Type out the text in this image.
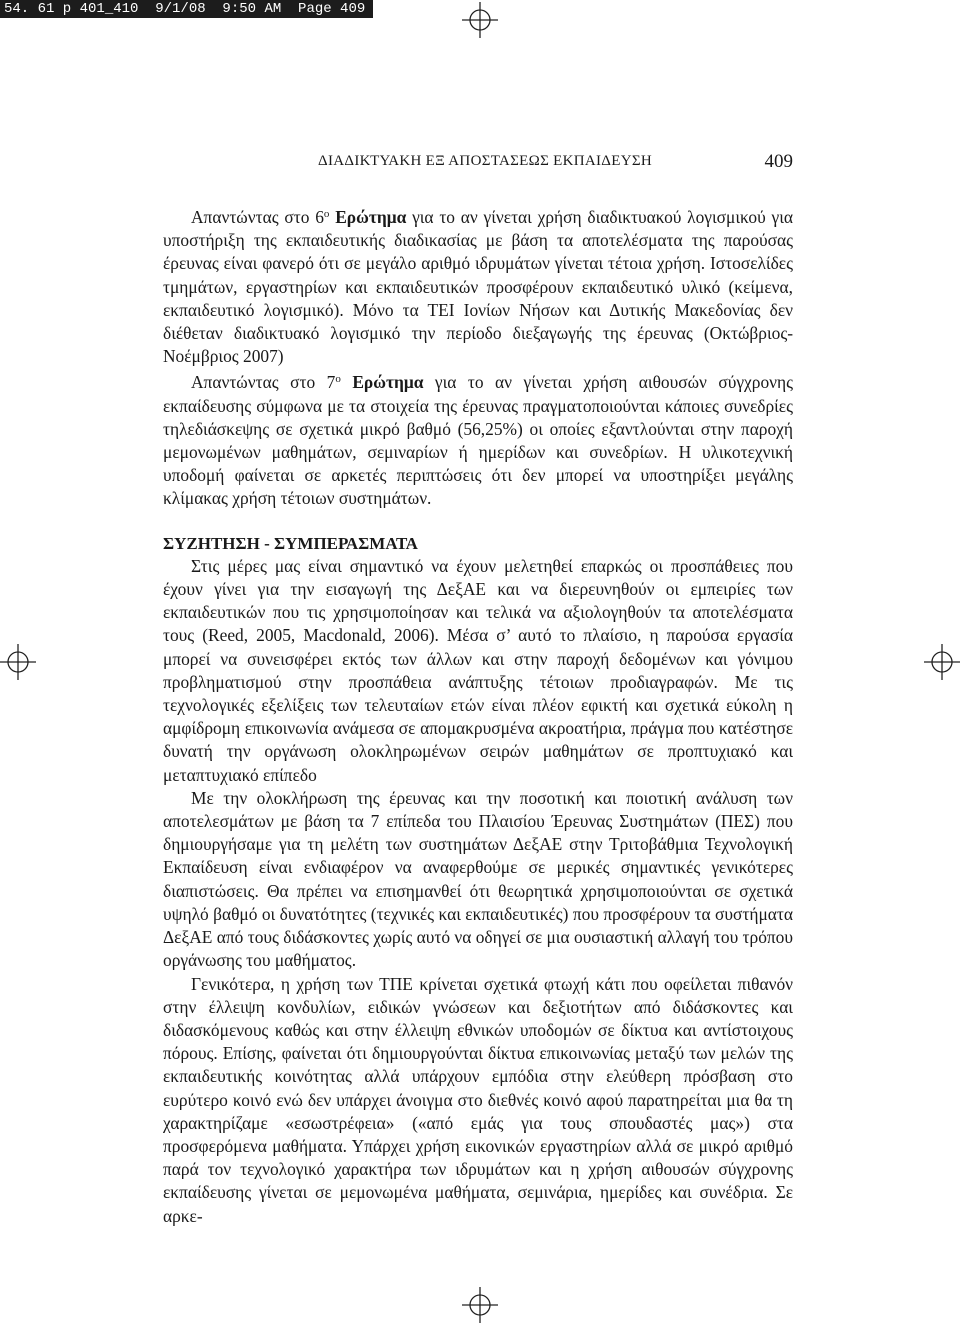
54. 61 p 401_410  9/1/08  9:50 AM  Page 409
ΔΙΑΔΙΚΤΥΑΚΗ ΕΞ ΑΠΟΣΤΑΣΕΩΣ ΕΚΠΑΙΔΕΥΣΗ	409

Απαντώντας στο $6^o$ Ερώτημα για το αν γίνεται χρήση διαδικτυακού λογισμικού για υποστήριξη της εκπαιδευτικής διαδικασίας με βάση τα αποτελέσματα της παρούσας έρευνας είναι φανερό ότι σε μεγάλο αριθμό ιδρυμάτων γίνεται τέτοια χρήση. Ιστοσελίδες τμημάτων, εργαστηρίων και εκπαιδευτικών προσφέρουν εκπαιδευτικό υλικό (κείμενα, εκπαιδευτικό λογισμικό). Μόνο τα ΤΕΙ Ιονίων Νήσων και Δυτικής Μακεδονίας δεν διέθεταν διαδικτυακό λογισμικό την περίοδο διεξαγωγής της έρευνας (Οκτώβριος-Νοέμβριος 2007)

Απαντώντας στο $7^o$ Ερώτημα για το αν γίνεται χρήση αιθουσών σύγχρονης εκπαίδευσης σύμφωνα με τα στοιχεία της έρευνας πραγματοποιούνται κάποιες συνεδρίες τηλεδιάσκεψης σε σχετικά μικρό βαθμό (56,25%) οι οποίες εξαντλούνται στην παροχή μεμονωμένων μαθημάτων, σεμιναρίων ή ημερίδων και συνεδρίων. Η υλικοτεχνική υποδομή φαίνεται σε αρκετές περιπτώσεις ότι δεν μπορεί να υποστηρίξει μεγάλης κλίμακας χρήση τέτοιων συστημάτων.

ΣΥΖΗΤΗΣΗ - ΣΥΜΠΕΡΑΣΜΑΤΑ

Στις μέρες μας είναι σημαντικό να έχουν μελετηθεί επαρκώς οι προσπάθειες που έχουν γίνει για την εισαγωγή της ΔεξΑΕ και να διερευνηθούν οι εμπειρίες των εκπαιδευτικών που τις χρησιμοποίησαν και τελικά να αξιολογηθούν τα αποτελέσματα τους (Reed, 2005, Macdonald, 2006). Μέσα σ’ αυτό το πλαίσιο, η παρούσα εργασία μπορεί να συνεισφέρει εκτός των άλλων και στην παροχή δεδομένων και γόνιμου προβληματισμού στην προσπάθεια ανάπτυξης τέτοιων προδιαγραφών. Με τις τεχνολογικές εξελίξεις των τελευταίων ετών είναι πλέον εφικτή και σχετικά εύκολη η αμφίδρομη επικοινωνία ανάμεσα σε απομακρυσμένα ακροατήρια, πράγμα που κατέστησε δυνατή την οργάνωση ολοκληρωμένων σειρών μαθημάτων σε προπτυχιακό και μεταπτυχιακό επίπεδο

Με την ολοκλήρωση της έρευνας και την ποσοτική και ποιοτική ανάλυση των αποτελεσμάτων με βάση τα 7 επίπεδα του Πλαισίου Έρευνας Συστημάτων (ΠΕΣ) που δημιουργήσαμε για τη μελέτη των συστημάτων ΔεξΑΕ στην Τριτοβάθμια Τεχνολογική Εκπαίδευση είναι ενδιαφέρον να αναφερθούμε σε μερικές σημαντικές γενικότερες διαπιστώσεις. Θα πρέπει να επισημανθεί ότι θεωρητικά χρησιμοποιούνται σε σχετικά υψηλό βαθμό οι δυνατότητες (τεχνικές και εκπαιδευτικές) που προσφέρουν τα συστήματα ΔεξΑΕ από τους διδάσκοντες χωρίς αυτό να οδηγεί σε μια ουσιαστική αλλαγή του τρόπου οργάνωσης του μαθήματος.

Γενικότερα, η χρήση των ΤΠΕ κρίνεται σχετικά φτωχή κάτι που οφείλεται πιθανόν στην έλλειψη κονδυλίων, ειδικών γνώσεων και δεξιοτήτων από διδάσκοντες και διδασκόμενους καθώς και στην έλλειψη εθνικών υποδομών σε δίκτυα και αντίστοιχους πόρους. Επίσης, φαίνεται ότι δημιουργούνται δίκτυα επικοινωνίας μεταξύ των μελών της εκπαιδευτικής κοινότητας αλλά υπάρχουν εμπόδια στην ελεύθερη πρόσβαση στο ευρύτερο κοινό ενώ δεν υπάρχει άνοιγμα στο διεθνές κοινό αφού παρατηρείται μια θα τη χαρακτηρίζαμε «εσωστρέφεια» («από εμάς για τους σπουδαστές μας») στα προσφερόμενα μαθήματα. Υπάρχει χρήση εικονικών εργαστηρίων αλλά σε μικρό αριθμό παρά τον τεχνολογικό χαρακτήρα των ιδρυμάτων και η χρήση αιθουσών σύγχρονης εκπαίδευσης γίνεται σε μεμονωμένα μαθήματα, σεμινάρια, ημερίδες και συνέδρια. Σε αρκε-
